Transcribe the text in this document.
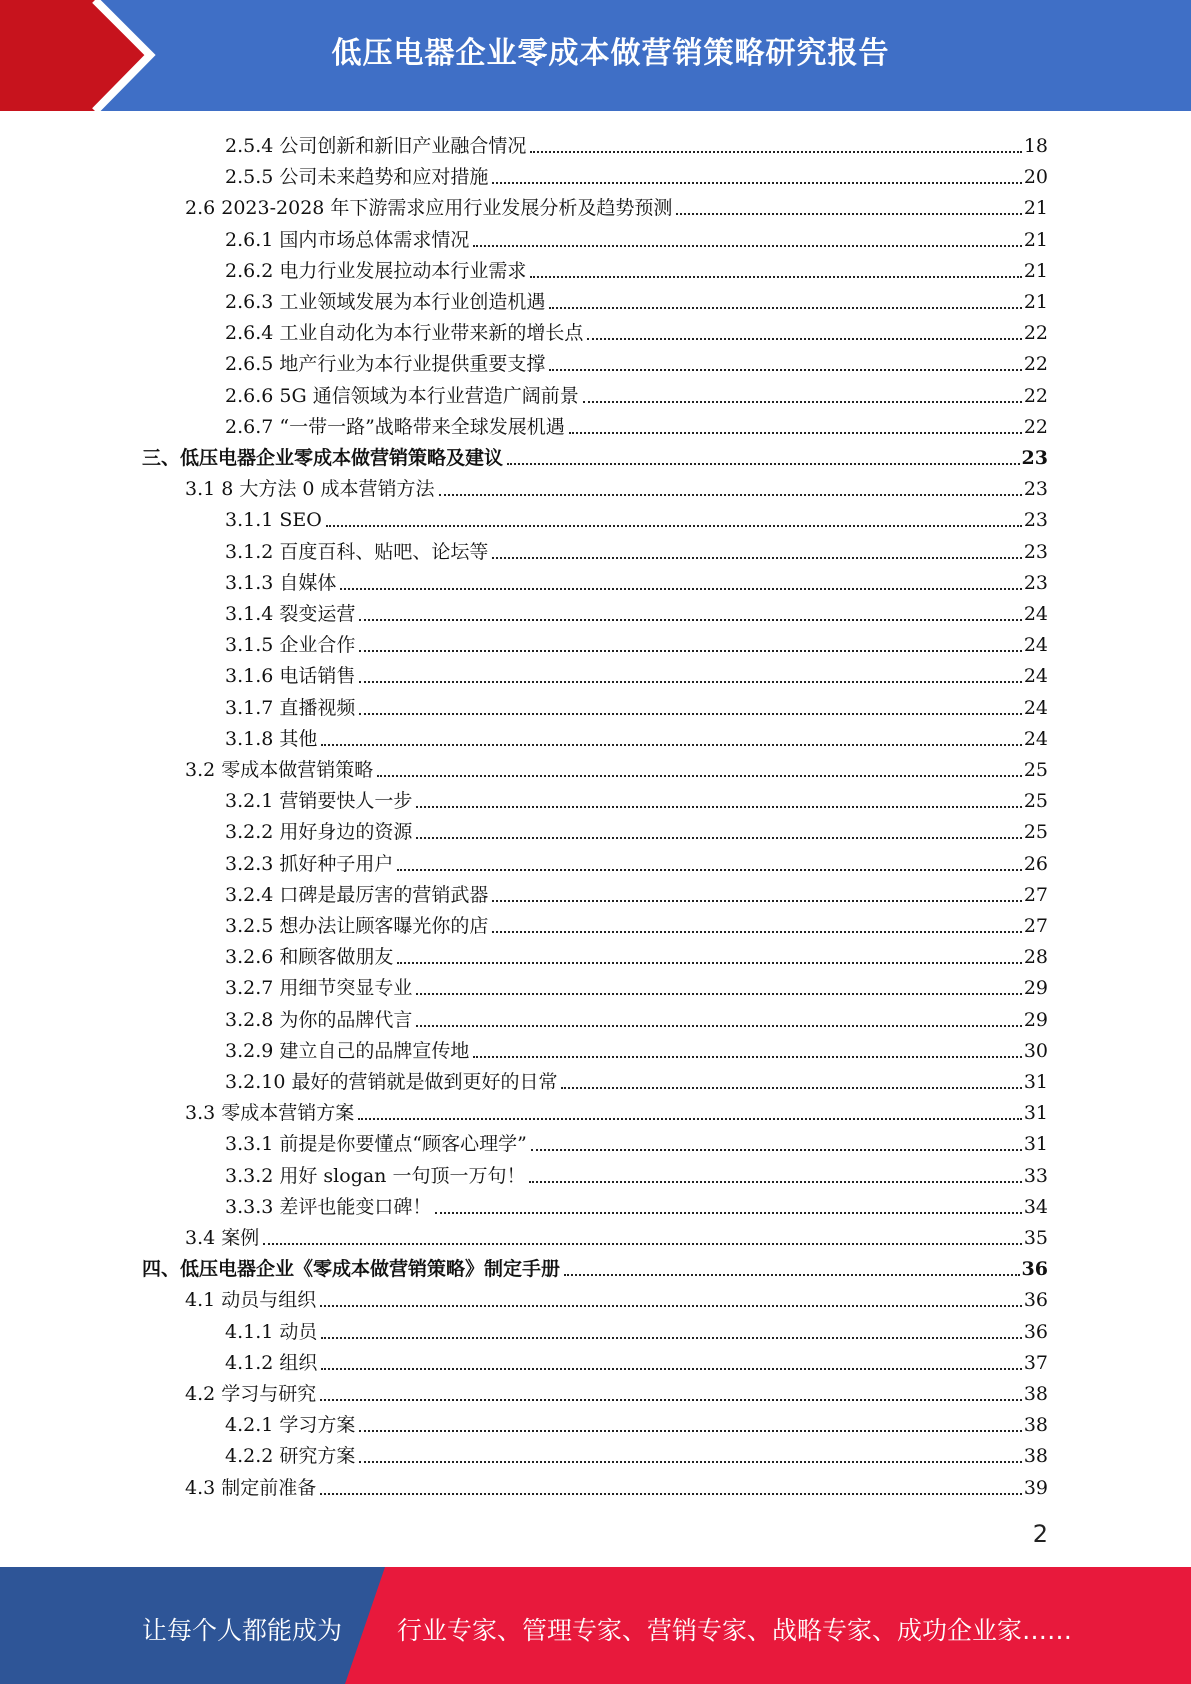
低压电器企业零成本做营销策略研究报告
2.5.4 公司创新和新旧产业融合情况	18
2.5.5 公司未来趋势和应对措施	20
2.6 2023-2028 年下游需求应用行业发展分析及趋势预测	21
2.6.1 国内市场总体需求情况	21
2.6.2 电力行业发展拉动本行业需求	21
2.6.3 工业领域发展为本行业创造机遇	21
2.6.4 工业自动化为本行业带来新的增长点	22
2.6.5 地产行业为本行业提供重要支撑	22
2.6.6 5G 通信领域为本行业营造广阔前景	22
2.6.7 “一带一路”战略带来全球发展机遇	22
三、低压电器企业零成本做营销策略及建议	23
3.1 8 大方法 0 成本营销方法	23
3.1.1 SEO	23
3.1.2 百度百科、贴吧、论坛等	23
3.1.3 自媒体	23
3.1.4 裂变运营	24
3.1.5 企业合作	24
3.1.6 电话销售	24
3.1.7 直播视频	24
3.1.8 其他	24
3.2 零成本做营销策略	25
3.2.1 营销要快人一步	25
3.2.2 用好身边的资源	25
3.2.3 抓好种子用户	26
3.2.4 口碑是最厉害的营销武器	27
3.2.5 想办法让顾客曝光你的店	27
3.2.6 和顾客做朋友	28
3.2.7 用细节突显专业	29
3.2.8 为你的品牌代言	29
3.2.9 建立自己的品牌宣传地	30
3.2.10 最好的营销就是做到更好的日常	31
3.3 零成本营销方案	31
3.3.1 前提是你要懂点“顾客心理学”	31
3.3.2 用好 slogan 一句顶一万句！	33
3.3.3 差评也能变口碑！	34
3.4 案例	35
四、低压电器企业《零成本做营销策略》制定手册	36
4.1 动员与组织	36
4.1.1 动员	36
4.1.2 组织	37
4.2 学习与研究	38
4.2.1 学习方案	38
4.2.2 研究方案	38
4.3 制定前准备	39
2
让每个人都能成为 行业专家、管理专家、营销专家、战略专家、成功企业家……
